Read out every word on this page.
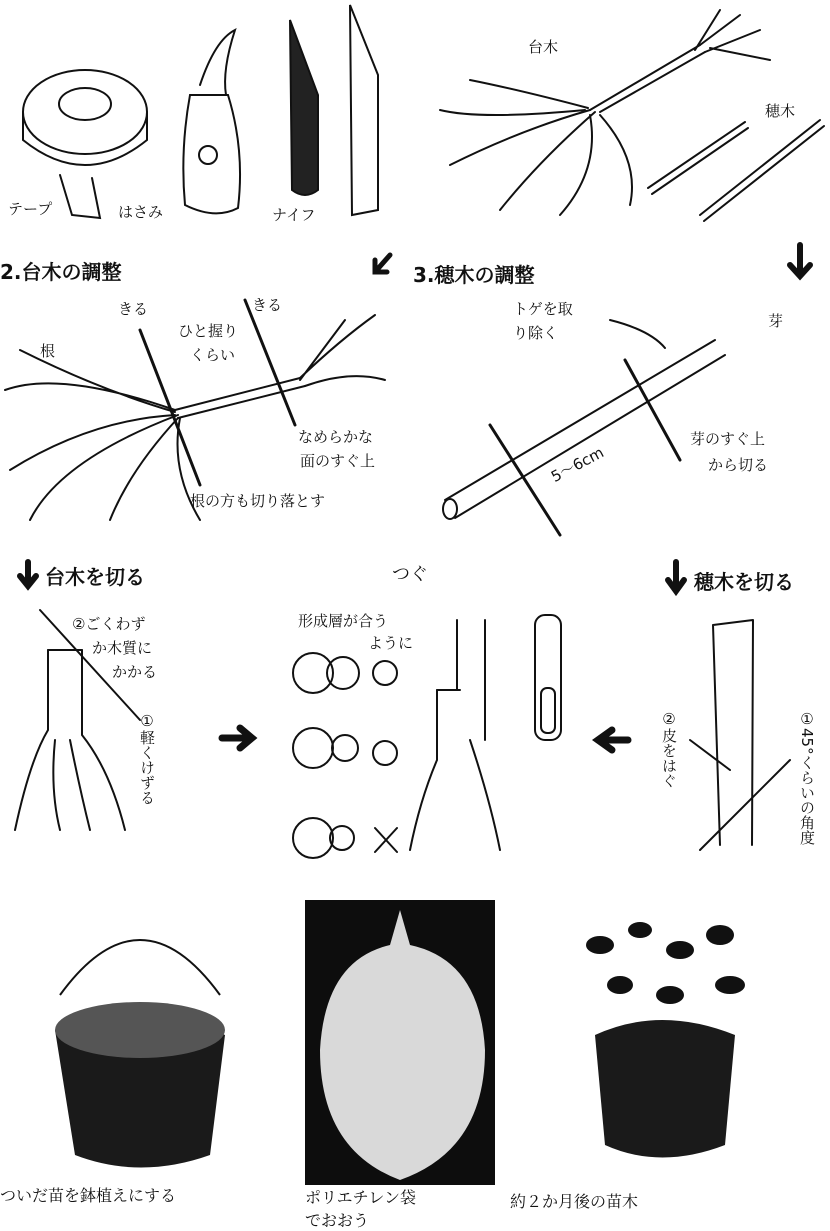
テープ	はさみ	ナイフ
台木
穂木
2.台木の調整	3.穂木の調整
根
きる	きる
ひと握り
くらい
なめらかな
面のすぐ上
根の方も切り落とす
トゲを取
り除く
芽
5～6cm
芽のすぐ上
から切る
台木を切る	つぐ	穂木を切る
②ごくわず
か木質に
かかる
①軽くけずる
形成層が合う
ように
②皮をはぐ	①45°くらいの角度
ついだ苗を鉢植えにする	ポリエチレン袋
でおおう
約２か月後の苗木
